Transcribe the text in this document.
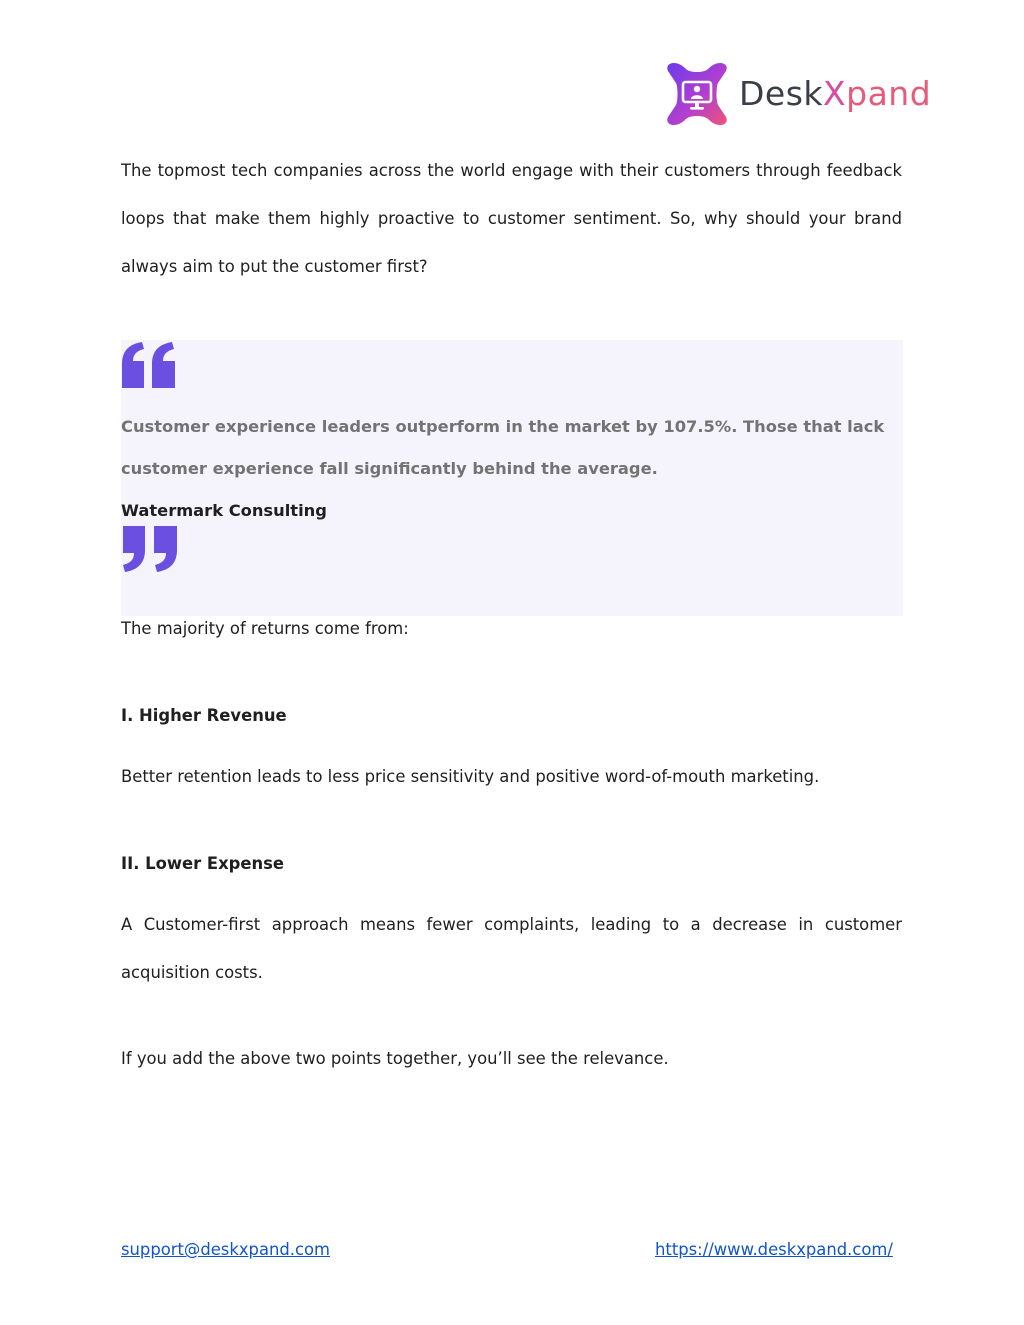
DeskXpand

The topmost tech companies across the world engage with their customers through feedback loops that make them highly proactive to customer sentiment. So, why should your brand always aim to put the customer first?

Customer experience leaders outperform in the market by 107.5%. Those that lack customer experience fall significantly behind the average.

Watermark Consulting

The majority of returns come from:

I. Higher Revenue

Better retention leads to less price sensitivity and positive word-of-mouth marketing.

II. Lower Expense

A Customer-first approach means fewer complaints, leading to a decrease in customer acquisition costs.

If you add the above two points together, you’ll see the relevance.

support@deskxpand.com	https://www.deskxpand.com/
